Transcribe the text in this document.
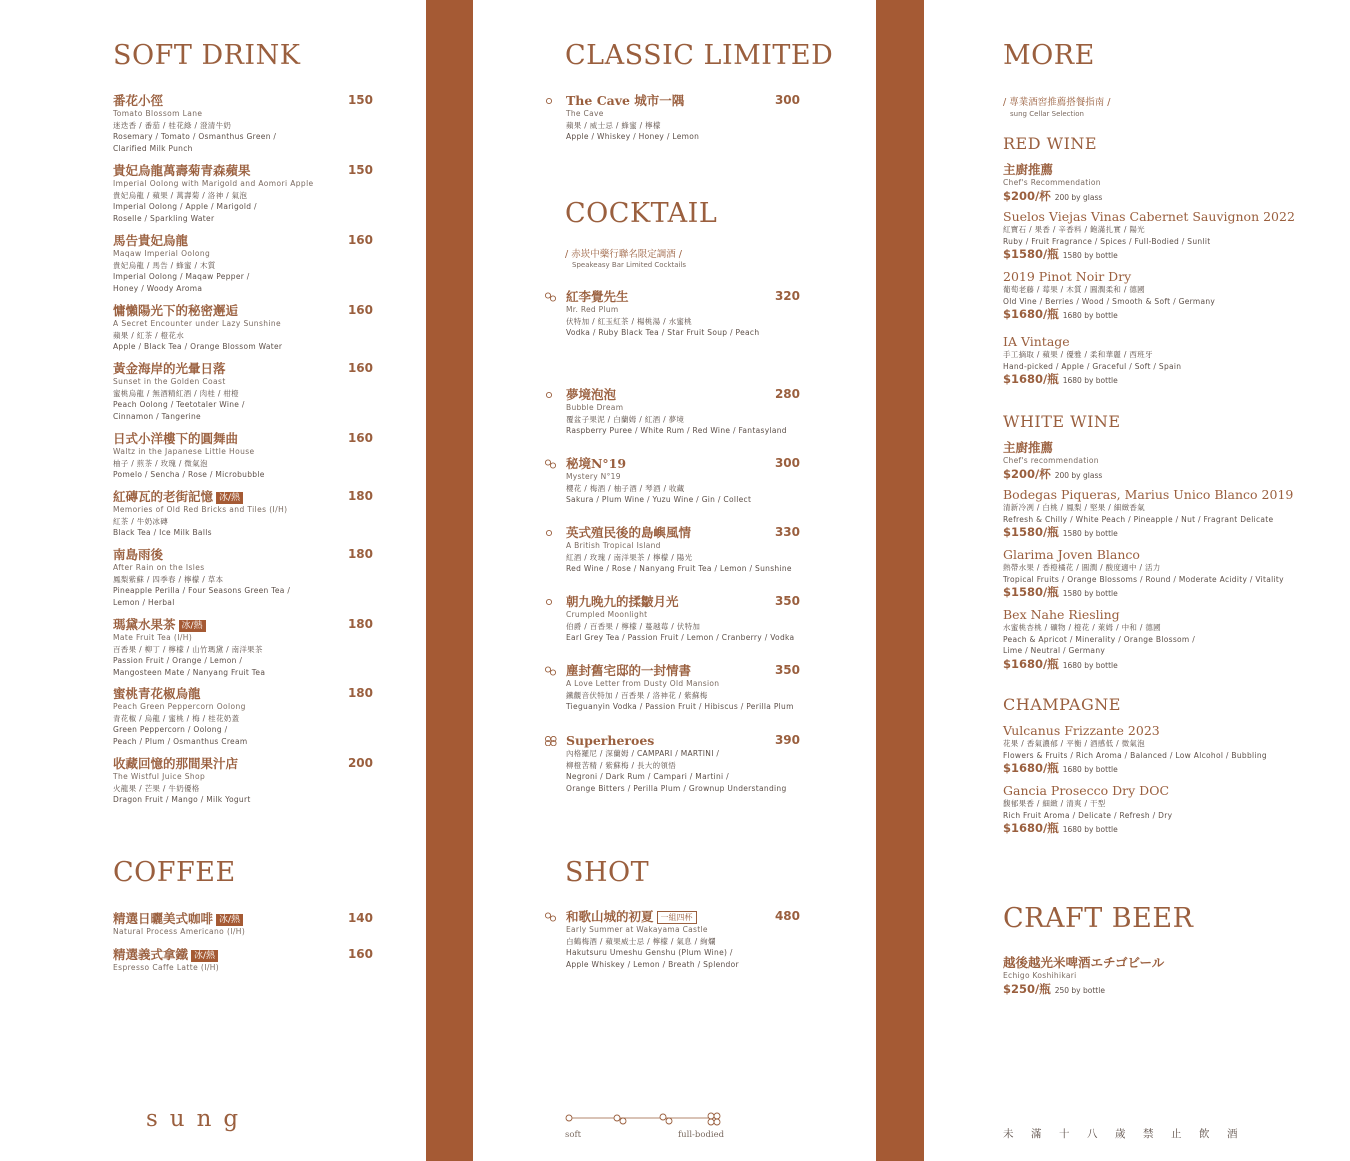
SOFT DRINK
番花小徑	150
Tomato Blossom Lane
迷迭香 / 番茄 / 桂花綠 / 澄清牛奶
Rosemary / Tomato / Osmanthus Green /
Clarified Milk Punch
貴妃烏龍萬壽菊青森蘋果	150
Imperial Oolong with Marigold and Aomori Apple
貴妃烏龍 / 蘋果 / 萬壽菊 / 洛神 / 氣泡
Imperial Oolong / Apple / Marigold /
Roselle / Sparkling Water
馬告貴妃烏龍	160
Maqaw Imperial Oolong
貴妃烏龍 / 馬告 / 蜂蜜 / 木質
Imperial Oolong / Maqaw Pepper /
Honey / Woody Aroma
慵懶陽光下的秘密邂逅	160
A Secret Encounter under Lazy Sunshine
蘋果 / 紅茶 / 橙花水
Apple / Black Tea / Orange Blossom Water
黃金海岸的光暈日落	160
Sunset in the Golden Coast
蜜桃烏龍 / 無酒精紅酒 / 肉桂 / 柑橙
Peach Oolong / Teetotaler Wine /
Cinnamon / Tangerine
日式小洋樓下的圓舞曲	160
Waltz in the Japanese Little House
柚子 / 煎茶 / 玫瑰 / 微氣泡
Pomelo / Sencha / Rose / Microbubble
紅磚瓦的老街記憶 冰/熱	180
Memories of Old Red Bricks and Tiles (I/H)
紅茶 / 牛奶冰磚
Black Tea / Ice Milk Balls
南島雨後	180
After Rain on the Isles
鳳梨紫蘇 / 四季春 / 檸檬 / 草本
Pineapple Perilla / Four Seasons Green Tea /
Lemon / Herbal
瑪黛水果茶 冰/熱	180
Mate Fruit Tea (I/H)
百香果 / 柳丁 / 檸檬 / 山竹瑪黛 / 南洋果茶
Passion Fruit / Orange / Lemon /
Mangosteen Mate / Nanyang Fruit Tea
蜜桃青花椒烏龍	180
Peach Green Peppercorn Oolong
青花椒 / 烏龍 / 蜜桃 / 梅 / 桂花奶蓋
Green Peppercorn / Oolong /
Peach / Plum / Osmanthus Cream
收藏回憶的那間果汁店	200
The Wistful Juice Shop
火龍果 / 芒果 / 牛奶優格
Dragon Fruit / Mango / Milk Yogurt
COFFEE
精選日曬美式咖啡 冰/熱	140
Natural Process Americano (I/H)
精選義式拿鐵 冰/熱	160
Espresso Caffe Latte (I/H)
sung
CLASSIC LIMITED
COCKTAIL
/ 赤崁中藥行聯名限定調酒 /
Speakeasy Bar Limited Cocktails
SHOT
The Cave 城市一隅	300
The Cave
蘋果 / 威士忌 / 蜂蜜 / 檸檬
Apple / Whiskey / Honey / Lemon
紅李覺先生	320
Mr. Red Plum
伏特加 / 紅玉紅茶 / 楊桃湯 / 水蜜桃
Vodka / Ruby Black Tea / Star Fruit Soup / Peach
夢境泡泡	280
Bubble Dream
覆盆子果泥 / 白蘭姆 / 紅酒 / 夢境
Raspberry Puree / White Rum / Red Wine / Fantasyland
秘境N°19	300
Mystery N°19
櫻花 / 梅酒 / 柚子酒 / 琴酒 / 收藏
Sakura / Plum Wine / Yuzu Wine / Gin / Collect
英式殖民後的島嶼風情	330
A British Tropical Island
紅酒 / 玫瑰 / 南洋果茶 / 檸檬 / 陽光
Red Wine / Rose / Nanyang Fruit Tea / Lemon / Sunshine
朝九晚九的揉皺月光	350
Crumpled Moonlight
伯爵 / 百香果 / 檸檬 / 蔓越莓 / 伏特加
Earl Grey Tea / Passion Fruit / Lemon / Cranberry / Vodka
塵封舊宅邸的一封情書	350
A Love Letter from Dusty Old Mansion
鐵觀音伏特加 / 百香果 / 洛神花 / 紫蘇梅
Tieguanyin Vodka / Passion Fruit / Hibiscus / Perilla Plum
Superheroes	390
內格羅尼 / 深蘭姆 / CAMPARI / MARTINI /
柳橙苦精 / 紫蘇梅 / 長大的領悟
Negroni / Dark Rum / Campari / Martini /
Orange Bitters / Perilla Plum / Grownup Understanding
和歌山城的初夏 一組四杯	480
Early Summer at Wakayama Castle
白鶴梅酒 / 蘋果威士忌 / 檸檬 / 氣息 / 絢爛
Hakutsuru Umeshu Genshu (Plum Wine) /
Apple Whiskey / Lemon / Breath / Splendor
soft	full-bodied
MORE
/ 專業酒窖推薦搭餐指南 /
sung Cellar Selection
RED WINE
WHITE WINE
CHAMPAGNE
CRAFT BEER
未滿十八歲禁止飲酒
主廚推薦
Chef's Recommendation
$200/杯 200 by glass
Suelos Viejas Vinas Cabernet Sauvignon 2022
紅寶石 / 果香 / 辛香料 / 飽滿扎實 / 陽光
Ruby / Fruit Fragrance / Spices / Full-Bodied / Sunlit
$1580/瓶 1580 by bottle
2019 Pinot Noir Dry
葡萄老藤 / 莓果 / 木質 / 圓潤柔和 / 德國
Old Vine / Berries / Wood / Smooth & Soft / Germany
$1680/瓶 1680 by bottle
IA Vintage
手工摘取 / 蘋果 / 優雅 / 柔和華麗 / 西班牙
Hand-picked / Apple / Graceful / Soft / Spain
$1680/瓶 1680 by bottle
主廚推薦
Chef's recommendation
$200/杯 200 by glass
Bodegas Piqueras, Marius Unico Blanco 2019
清新冷冽 / 白桃 / 鳳梨 / 堅果 / 細緻香氣
Refresh & Chilly / White Peach / Pineapple / Nut / Fragrant Delicate
$1580/瓶 1580 by bottle
Glarima Joven Blanco
熱帶水果 / 香橙橘花 / 圓潤 / 酸度適中 / 活力
Tropical Fruits / Orange Blossoms / Round / Moderate Acidity / Vitality
$1580/瓶 1580 by bottle
Bex Nahe Riesling
水蜜桃杏桃 / 礦物 / 橙花 / 萊姆 / 中和 / 德國
Peach & Apricot / Minerality / Orange Blossom /
Lime / Neutral / Germany
$1680/瓶 1680 by bottle
Vulcanus Frizzante 2023
花果 / 香氣濃郁 / 平衡 / 酒感低 / 微氣泡
Flowers & Fruits / Rich Aroma / Balanced / Low Alcohol / Bubbling
$1680/瓶 1680 by bottle
Gancia Prosecco Dry DOC
馥郁果香 / 細緻 / 清爽 / 干型
Rich Fruit Aroma / Delicate / Refresh / Dry
$1680/瓶 1680 by bottle
越後越光米啤酒エチゴビール
Echigo Koshihikari
$250/瓶 250 by bottle
